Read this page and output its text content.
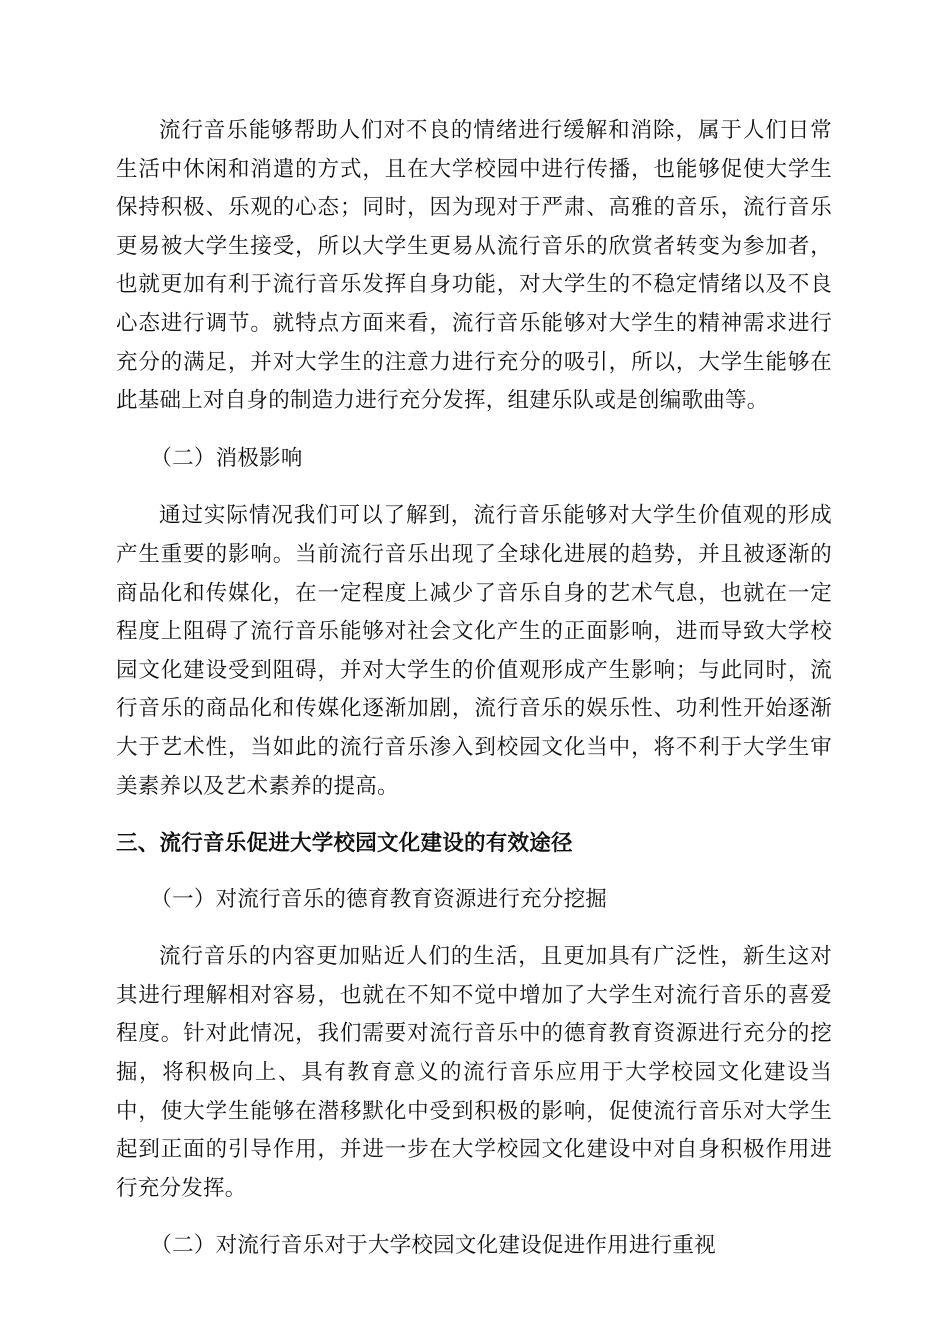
流行音乐能够帮助人们对不良的情绪进行缓解和消除，属于人们日常生活中休闲和消遣的方式，且在大学校园中进行传播，也能够促使大学生保持积极、乐观的心态；同时，因为现对于严肃、高雅的音乐，流行音乐更易被大学生接受，所以大学生更易从流行音乐的欣赏者转变为参加者，也就更加有利于流行音乐发挥自身功能，对大学生的不稳定情绪以及不良心态进行调节。就特点方面来看，流行音乐能够对大学生的精神需求进行充分的满足，并对大学生的注意力进行充分的吸引，所以，大学生能够在此基础上对自身的制造力进行充分发挥，组建乐队或是创编歌曲等。

（二）消极影响

通过实际情况我们可以了解到，流行音乐能够对大学生价值观的形成产生重要的影响。当前流行音乐出现了全球化进展的趋势，并且被逐渐的商品化和传媒化，在一定程度上减少了音乐自身的艺术气息，也就在一定程度上阻碍了流行音乐能够对社会文化产生的正面影响，进而导致大学校园文化建设受到阻碍，并对大学生的价值观形成产生影响；与此同时，流行音乐的商品化和传媒化逐渐加剧，流行音乐的娱乐性、功利性开始逐渐大于艺术性，当如此的流行音乐渗入到校园文化当中，将不利于大学生审美素养以及艺术素养的提高。

三、流行音乐促进大学校园文化建设的有效途径

（一）对流行音乐的德育教育资源进行充分挖掘

流行音乐的内容更加贴近人们的生活，且更加具有广泛性，新生这对其进行理解相对容易，也就在不知不觉中增加了大学生对流行音乐的喜爱程度。针对此情况，我们需要对流行音乐中的德育教育资源进行充分的挖掘，将积极向上、具有教育意义的流行音乐应用于大学校园文化建设当中，使大学生能够在潜移默化中受到积极的影响，促使流行音乐对大学生起到正面的引导作用，并进一步在大学校园文化建设中对自身积极作用进行充分发挥。

（二）对流行音乐对于大学校园文化建设促进作用进行重视
